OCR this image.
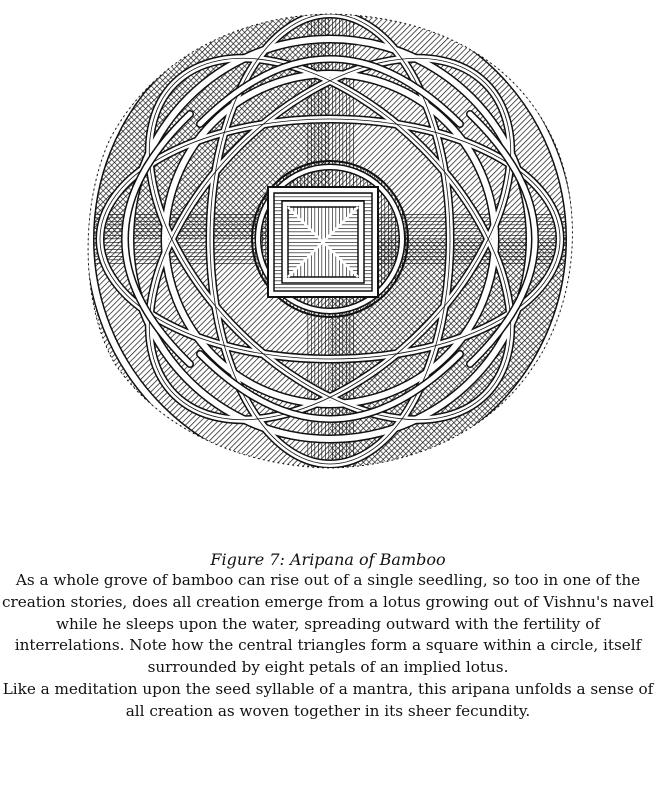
Figure 7: Aripana of Bamboo

As a whole grove of bamboo can rise out of a single seedling, so too in one of the creation stories, does all creation emerge from a lotus growing out of Vishnu's navel while he sleeps upon the water, spreading outward with the fertility of interrelations. Note how the central triangles form a square within a circle, itself surrounded by eight petals of an implied lotus.

Like a meditation upon the seed syllable of a mantra, this aripana unfolds a sense of all creation as woven together in its sheer fecundity.
